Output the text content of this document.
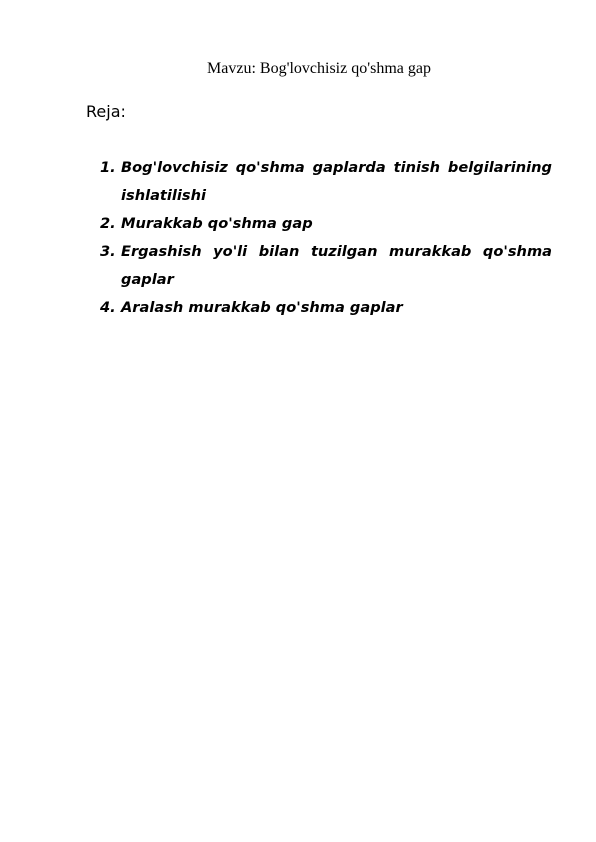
Mavzu: Bog'lovchisiz qo'shma gap
Reja:
1. Bog'lovchisiz qo'shma gaplarda tinish belgilarining ishlatilishi
2. Murakkab qo'shma gap
3. Ergashish yo'li bilan tuzilgan murakkab qo'shma gaplar
4. Aralash murakkab qo'shma gaplar
